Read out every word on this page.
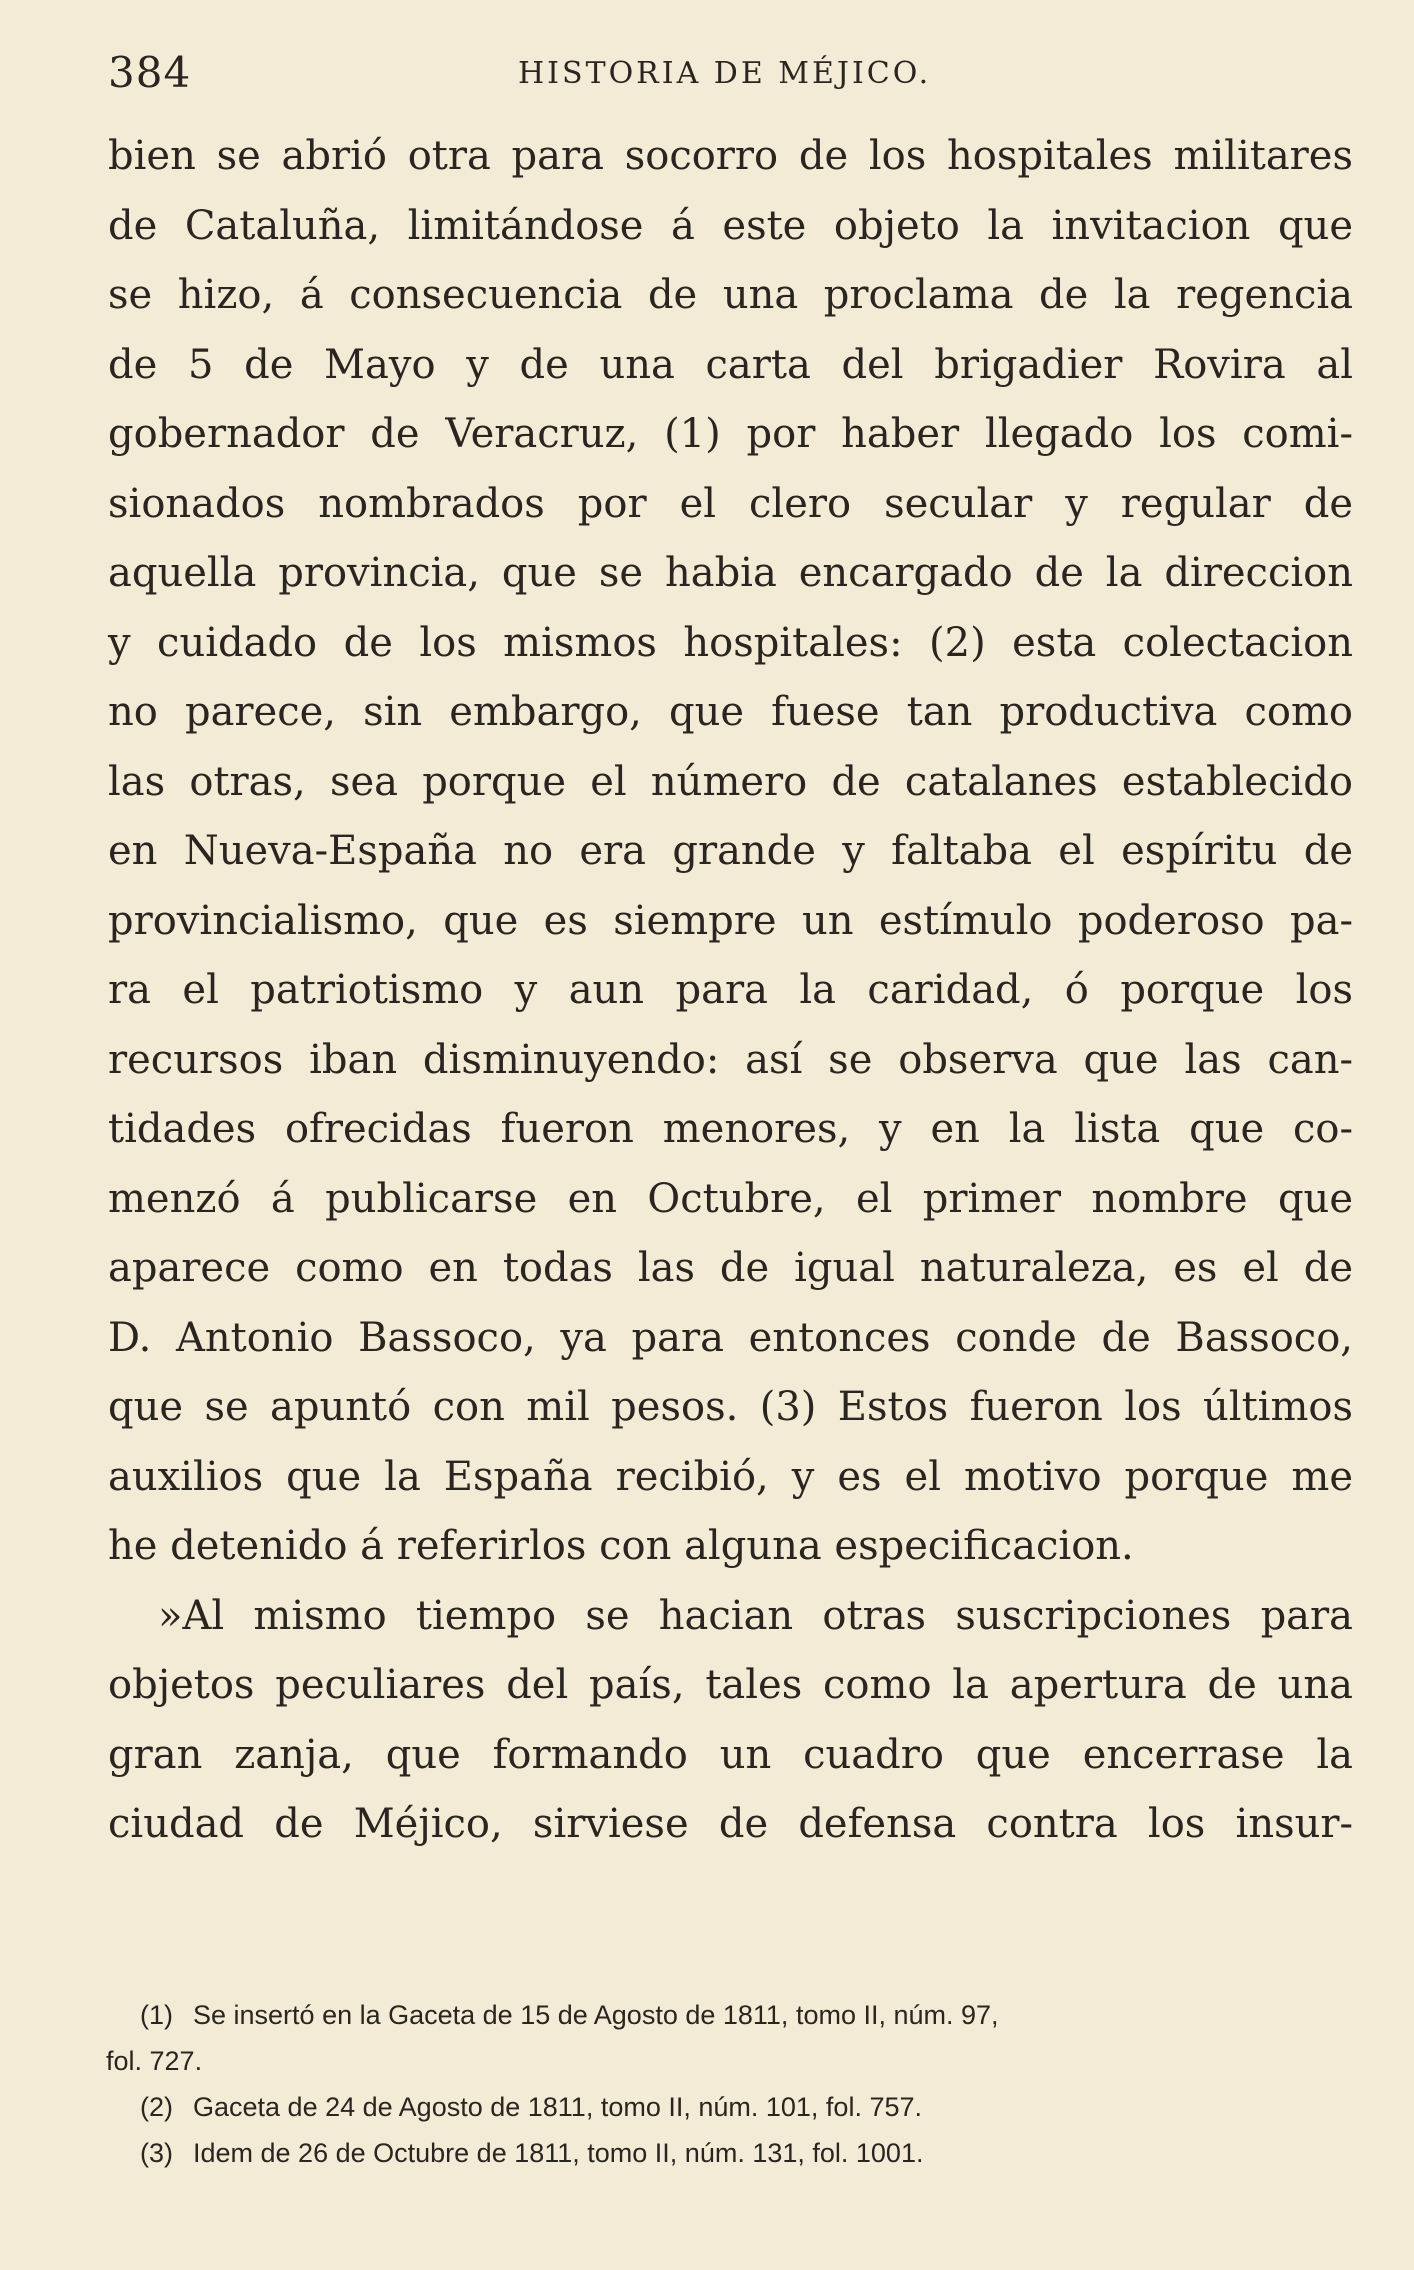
384	HISTORIA DE MÉJICO.
bien se abrió otra para socorro de los hospitales militares
de Cataluña, limitándose á este objeto la invitacion que
se hizo, á consecuencia de una proclama de la regencia
de 5 de Mayo y de una carta del brigadier Rovira al
gobernador de Veracruz, (1) por haber llegado los comi-
sionados nombrados por el clero secular y regular de
aquella provincia, que se habia encargado de la direccion
y cuidado de los mismos hospitales: (2) esta colectacion
no parece, sin embargo, que fuese tan productiva como
las otras, sea porque el número de catalanes establecido
en Nueva-España no era grande y faltaba el espíritu de
provincialismo, que es siempre un estímulo poderoso pa-
ra el patriotismo y aun para la caridad, ó porque los
recursos iban disminuyendo: así se observa que las can-
tidades ofrecidas fueron menores, y en la lista que co-
menzó á publicarse en Octubre, el primer nombre que
aparece como en todas las de igual naturaleza, es el de
D. Antonio Bassoco, ya para entonces conde de Bassoco,
que se apuntó con mil pesos. (3) Estos fueron los últimos
auxilios que la España recibió, y es el motivo porque me
he detenido á referirlos con alguna especificacion.
»Al mismo tiempo se hacian otras suscripciones para
objetos peculiares del país, tales como la apertura de una
gran zanja, que formando un cuadro que encerrase la
ciudad de Méjico, sirviese de defensa contra los insur-
(1) Se insertó en la Gaceta de 15 de Agosto de 1811, tomo II, núm. 97,
fol. 727.
(2) Gaceta de 24 de Agosto de 1811, tomo II, núm. 101, fol. 757.
(3) Idem de 26 de Octubre de 1811, tomo II, núm. 131, fol. 1001.
